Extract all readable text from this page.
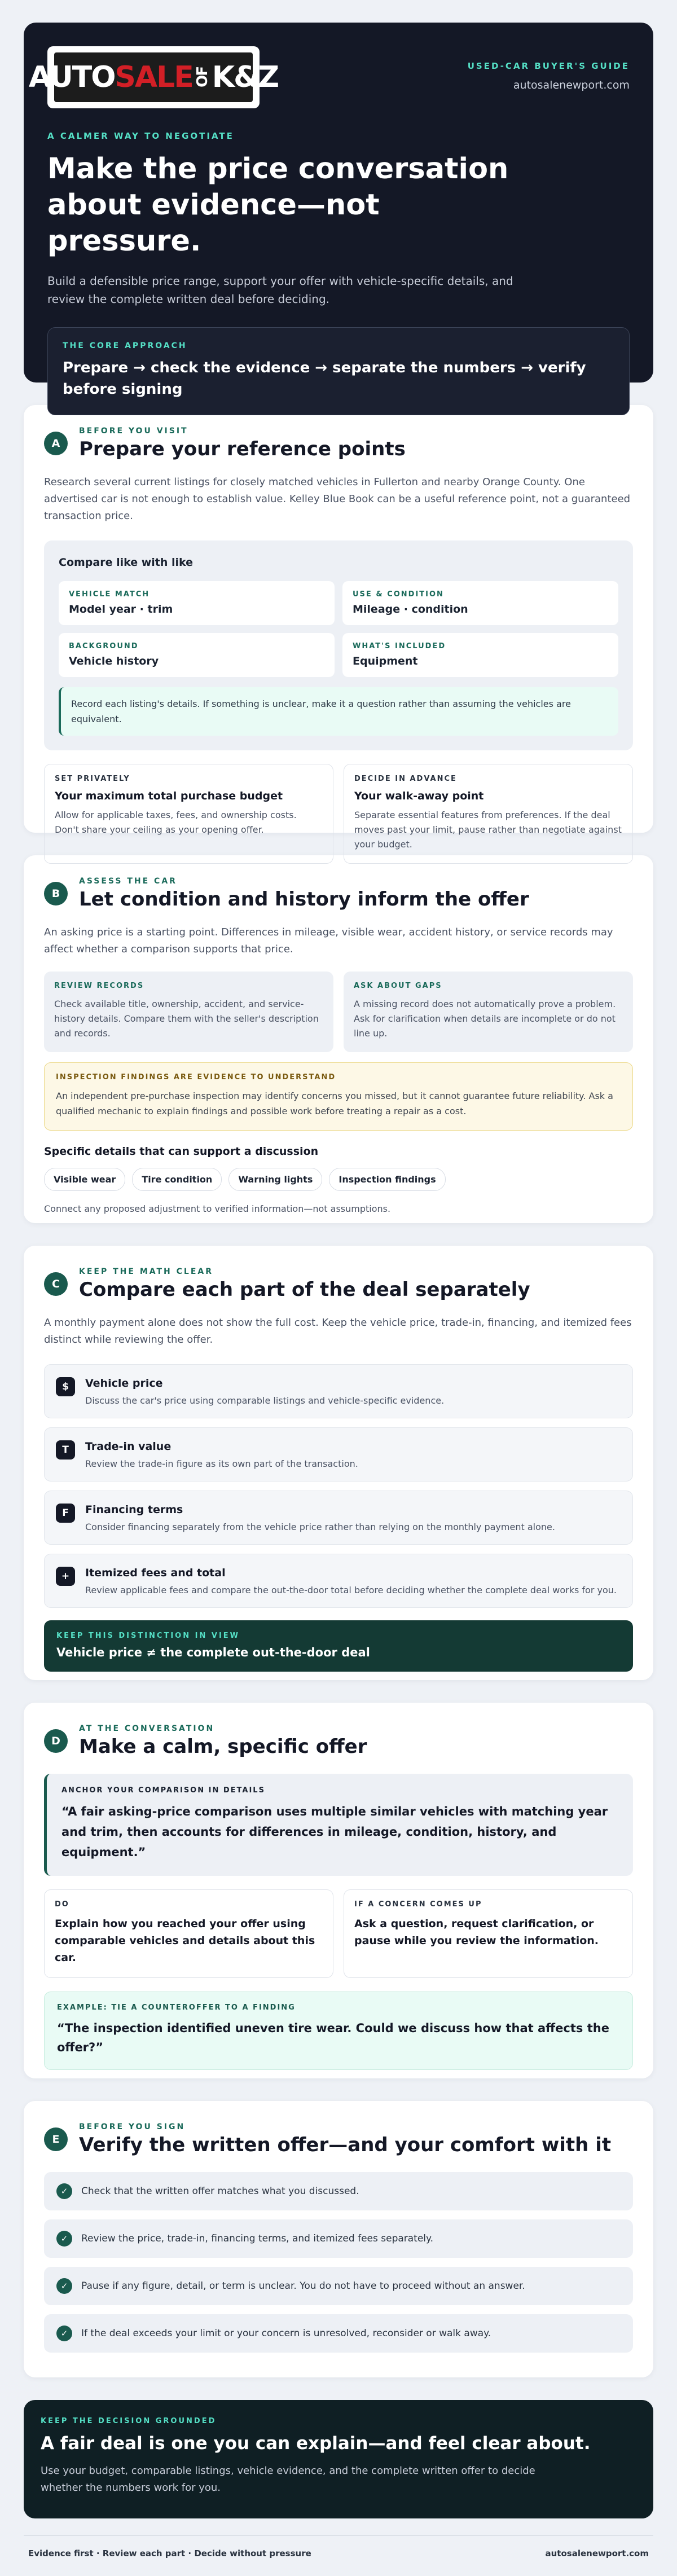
AUTO SALE OF K&Z	USED-CAR BUYER'S GUIDE
autosalenewport.com
A CALMER WAY TO NEGOTIATE
Make the price conversation about evidence—not pressure.

Build a defensible price range, support your offer with vehicle-specific details, and review the complete written deal before deciding.

THE CORE APPROACH
Prepare → check the evidence → separate the numbers → verify before signing
A
BEFORE YOU VISIT
Prepare your reference points

Research several current listings for closely matched vehicles in Fullerton and nearby Orange County. One advertised car is not enough to establish value. Kelley Blue Book can be a useful reference point, not a guaranteed transaction price.

Compare like with like
VEHICLE MATCH
Model year · trim
USE & CONDITION
Mileage · condition
BACKGROUND
Vehicle history
WHAT'S INCLUDED
Equipment
Record each listing's details. If something is unclear, make it a question rather than assuming the vehicles are equivalent.
SET PRIVATELY
Your maximum total purchase budget
Allow for applicable taxes, fees, and ownership costs. Don't share your ceiling as your opening offer.
DECIDE IN ADVANCE
Your walk-away point
Separate essential features from preferences. If the deal moves past your limit, pause rather than negotiate against your budget.
B
ASSESS THE CAR
Let condition and history inform the offer

An asking price is a starting point. Differences in mileage, visible wear, accident history, or service records may affect whether a comparison supports that price.

REVIEW RECORDS
Check available title, ownership, accident, and service-history details. Compare them with the seller's description and records.
ASK ABOUT GAPS
A missing record does not automatically prove a problem. Ask for clarification when details are incomplete or do not line up.
INSPECTION FINDINGS ARE EVIDENCE TO UNDERSTAND
An independent pre-purchase inspection may identify concerns you missed, but it cannot guarantee future reliability. Ask a qualified mechanic to explain findings and possible work before treating a repair as a cost.
Specific details that can support a discussion
Visible wear	Tire condition	Warning lights	Inspection findings
Connect any proposed adjustment to verified information—not assumptions.
C
KEEP THE MATH CLEAR
Compare each part of the deal separately

A monthly payment alone does not show the full cost. Keep the vehicle price, trade-in, financing, and itemized fees distinct while reviewing the offer.

$	Vehicle price
Discuss the car's price using comparable listings and vehicle-specific evidence.
T	Trade-in value
Review the trade-in figure as its own part of the transaction.
F	Financing terms
Consider financing separately from the vehicle price rather than relying on the monthly payment alone.
+	Itemized fees and total
Review applicable fees and compare the out-the-door total before deciding whether the complete deal works for you.
KEEP THIS DISTINCTION IN VIEW
Vehicle price ≠ the complete out-the-door deal
D
AT THE CONVERSATION
Make a calm, specific offer
ANCHOR YOUR COMPARISON IN DETAILS
“A fair asking-price comparison uses multiple similar vehicles with matching year and trim, then accounts for differences in mileage, condition, history, and equipment.”
DO
Explain how you reached your offer using comparable vehicles and details about this car.
IF A CONCERN COMES UP
Ask a question, request clarification, or pause while you review the information.
EXAMPLE: TIE A COUNTEROFFER TO A FINDING
“The inspection identified uneven tire wear. Could we discuss how that affects the offer?”
E
BEFORE YOU SIGN
Verify the written offer—and your comfort with it
✓	Check that the written offer matches what you discussed.
✓	Review the price, trade-in, financing terms, and itemized fees separately.
✓	Pause if any figure, detail, or term is unclear. You do not have to proceed without an answer.
✓	If the deal exceeds your limit or your concern is unresolved, reconsider or walk away.
KEEP THE DECISION GROUNDED
A fair deal is one you can explain—and feel clear about.
Use your budget, comparable listings, vehicle evidence, and the complete written offer to decide whether the numbers work for you.
Evidence first · Review each part · Decide without pressure	autosalenewport.com
